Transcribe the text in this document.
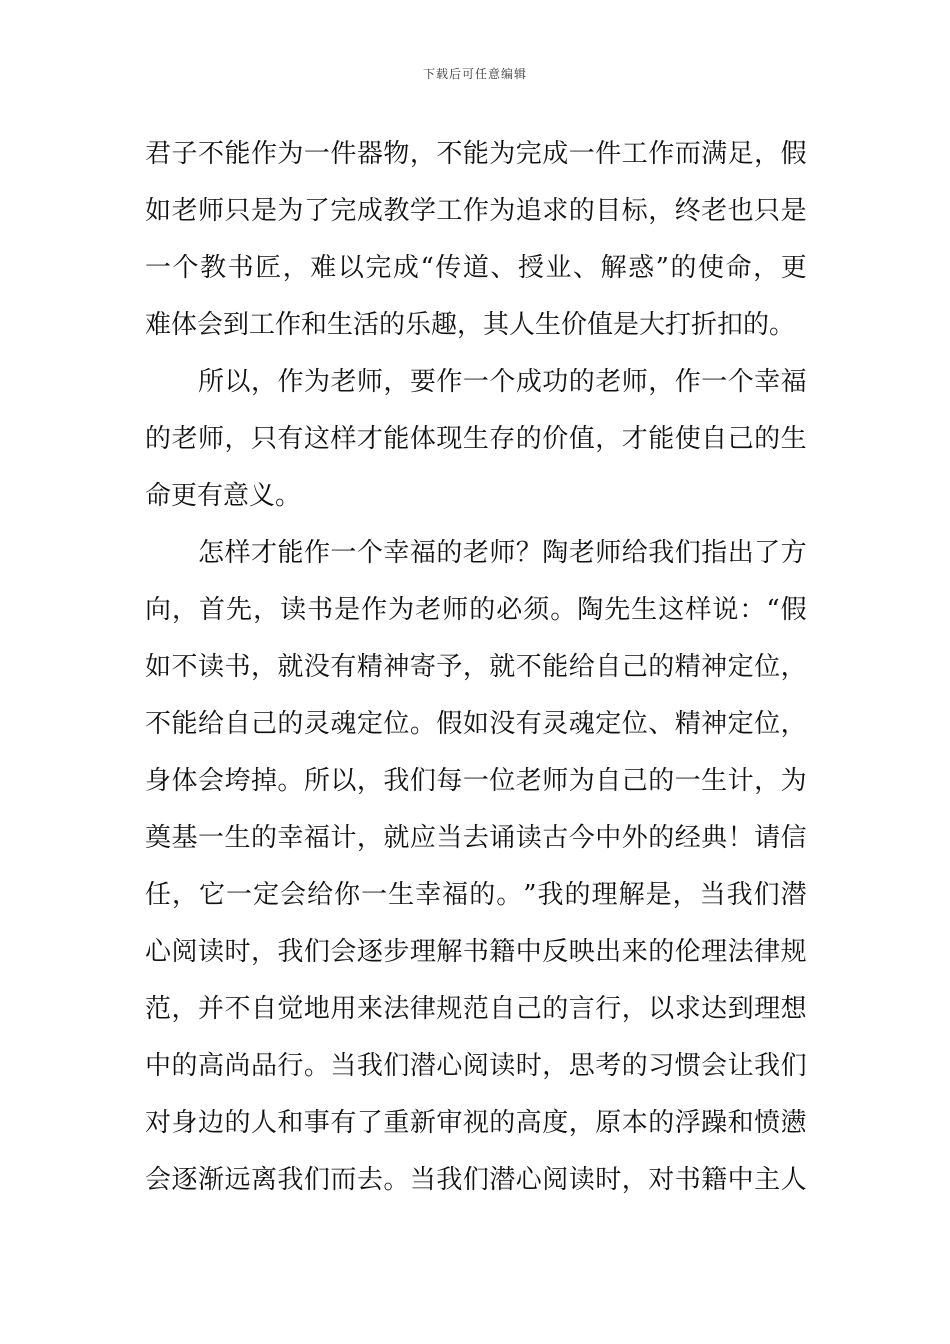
下载后可任意编辑
君 子 不 能 作 为 一 件 器 物 ， 不 能 为 完 成 一 件 工 作 而 满 足 ， 假
如 老 师 只 是 为 了 完 成 教 学 工 作 为 追 求 的 目 标 ， 终 老 也 只 是
一 个 教 书 匠 ， 难 以 完 成 “ 传 道 、 授 业 、 解 惑 ” 的 使 命 ， 更
难体会到工作和生活的乐趣，其人生价值是大打折扣的。
所 以 ， 作 为 老 师 ， 要 作 一 个 成 功 的 老 师 ， 作 一 个 幸 福
的 老 师 ， 只 有 这 样 才 能 体 现 生 存 的 价 值 ， 才 能 使 自 己 的 生
命更有意义。
怎 样 才 能 作 一 个 幸 福 的 老 师 ？ 陶 老 师 给 我 们 指 出 了 方
向 ， 首 先 ， 读 书 是 作 为 老 师 的 必 须 。 陶 先 生 这 样 说 ： “ 假
如 不 读 书 ， 就 没 有 精 神 寄 予 ， 就 不 能 给 自 己 的 精 神 定 位 ，
不 能 给 自 己 的 灵 魂 定 位 。 假 如 没 有 灵 魂 定 位 、 精 神 定 位 ，
身 体 会 垮 掉 。 所 以 ， 我 们 每 一 位 老 师 为 自 己 的 一 生 计 ， 为
奠 基 一 生 的 幸 福 计 ， 就 应 当 去 诵 读 古 今 中 外 的 经 典 ！ 请 信
任 ， 它 一 定 会 给 你 一 生 幸 福 的 。 ” 我 的 理 解 是 ， 当 我 们 潜
心 阅 读 时 ， 我 们 会 逐 步 理 解 书 籍 中 反 映 出 来 的 伦 理 法 律 规
范 ， 并 不 自 觉 地 用 来 法 律 规 范 自 己 的 言 行 ， 以 求 达 到 理 想
中 的 高 尚 品 行 。 当 我 们 潜 心 阅 读 时 ， 思 考 的 习 惯 会 让 我 们
对 身 边 的 人 和 事 有 了 重 新 审 视 的 高 度 ， 原 本 的 浮 躁 和 愤 懑
会 逐 渐 远 离 我 们 而 去 。 当 我 们 潜 心 阅 读 时 ， 对 书 籍 中 主 人
